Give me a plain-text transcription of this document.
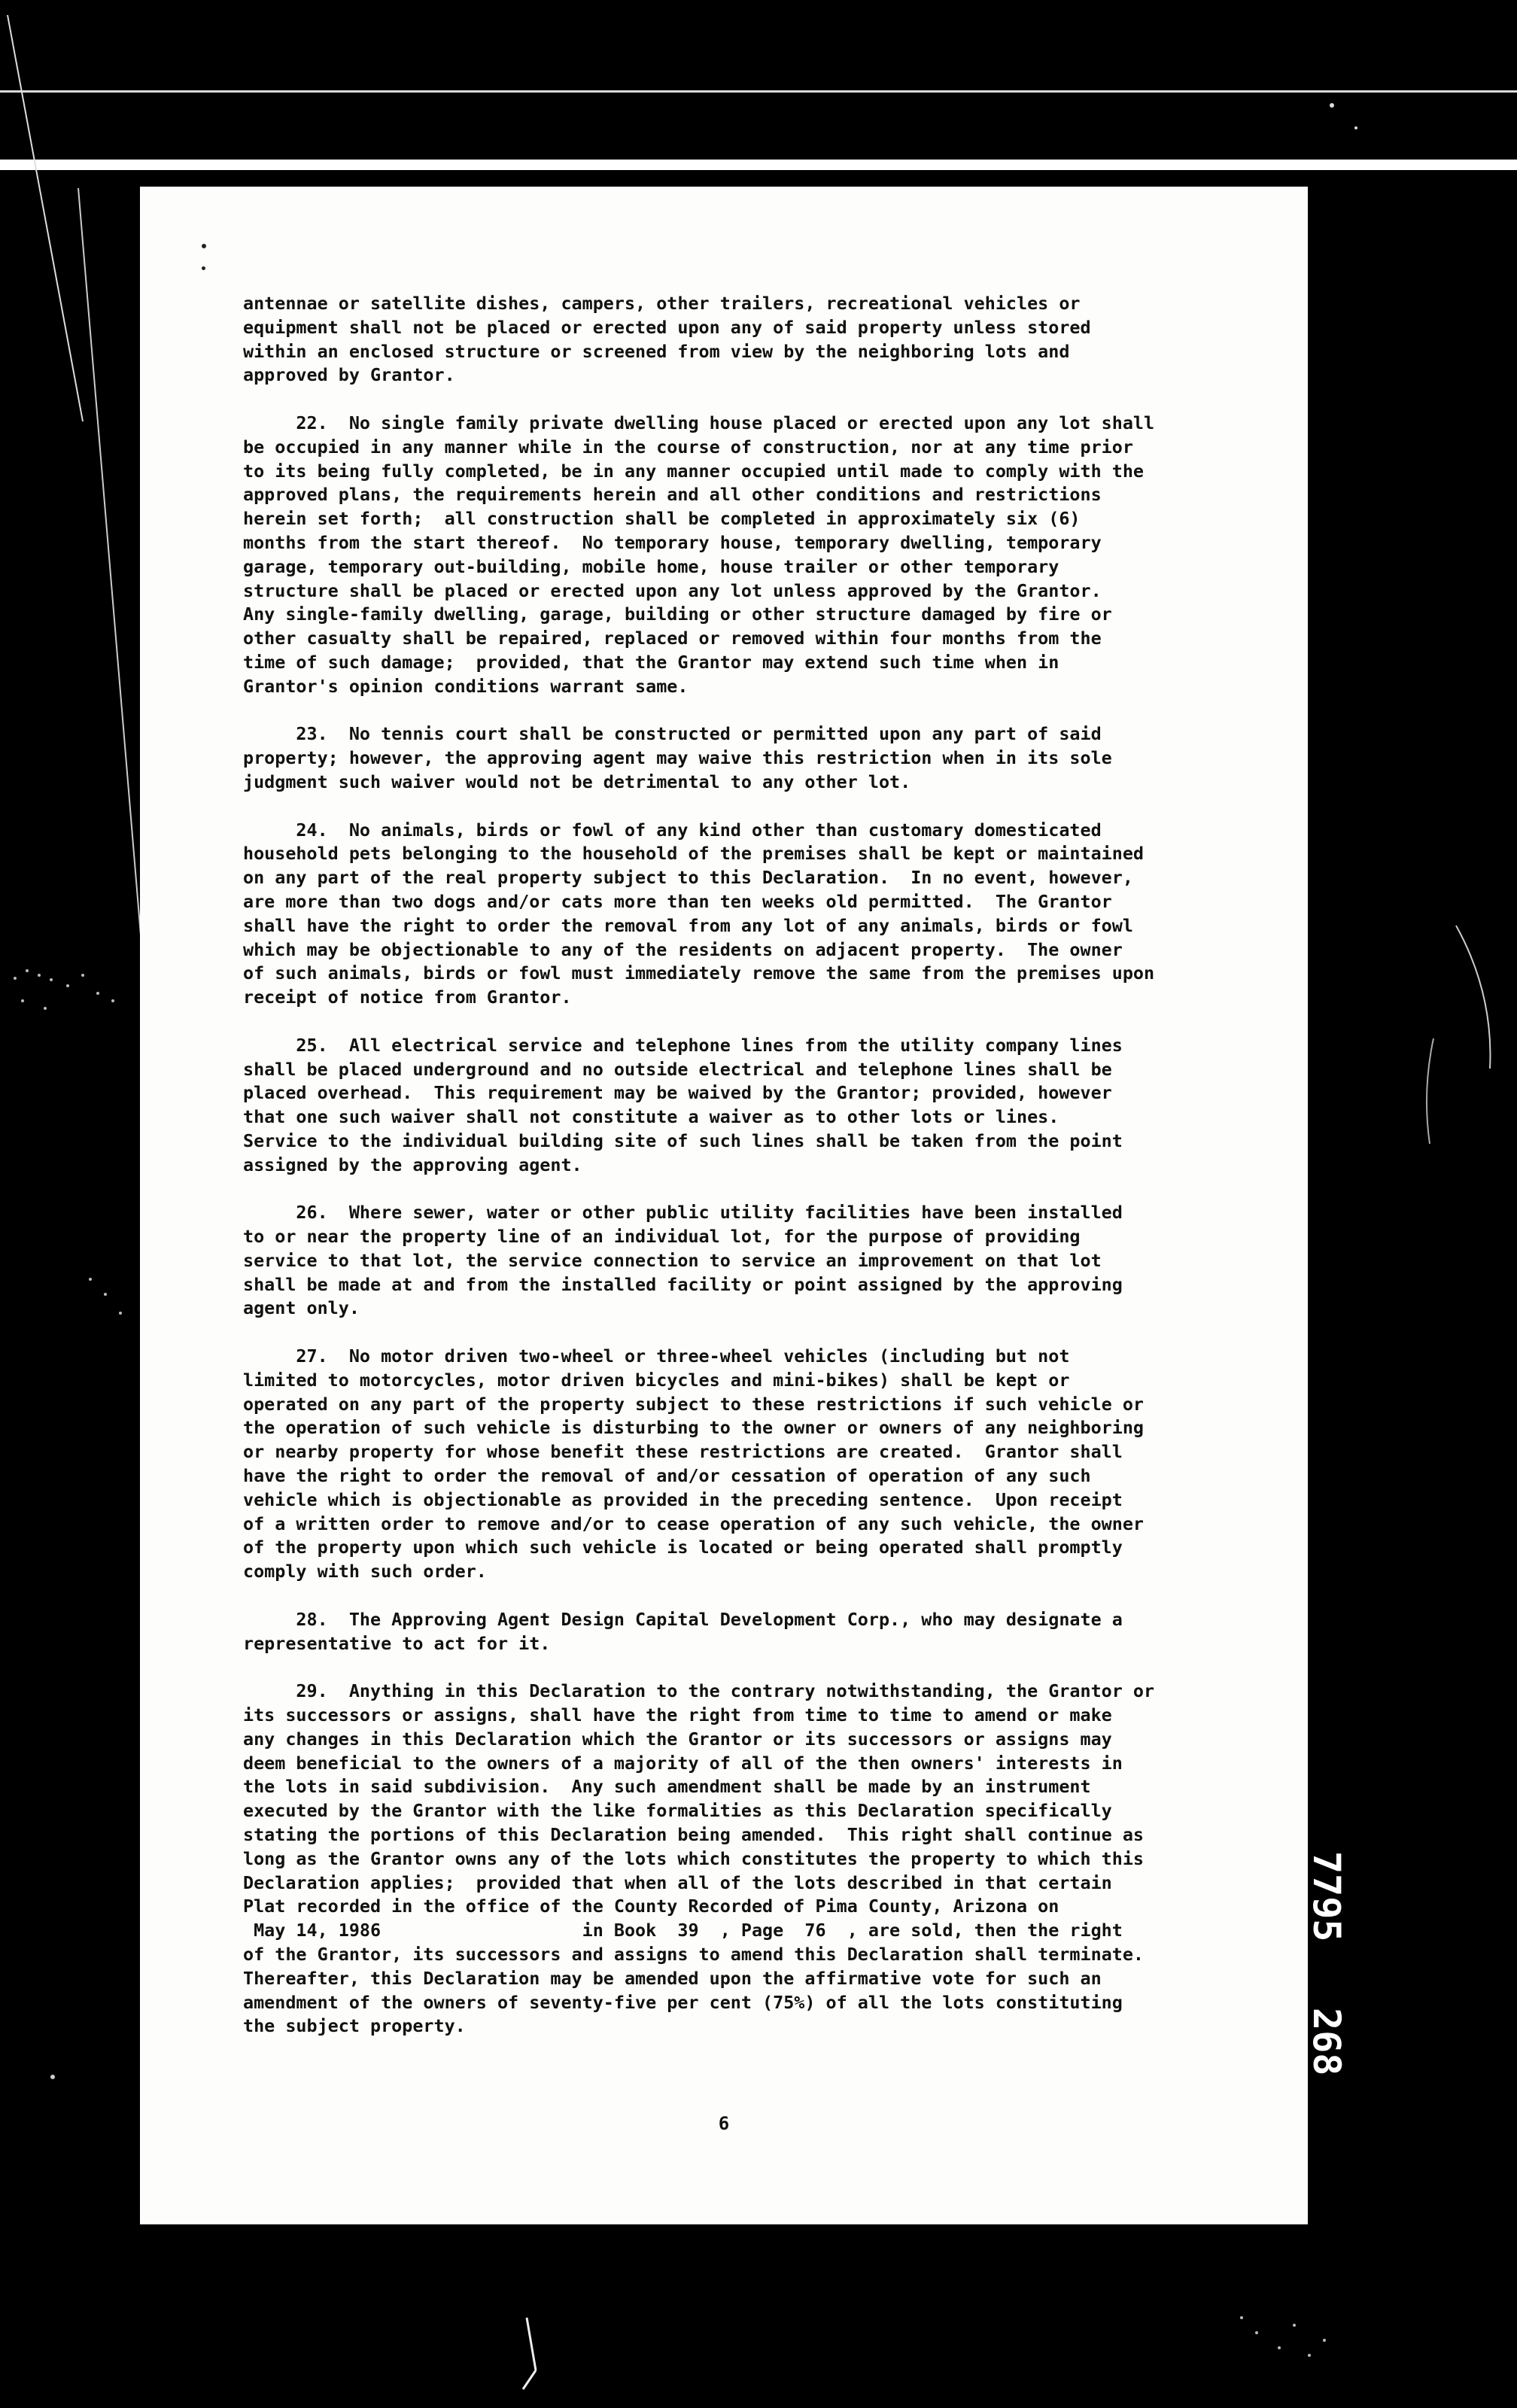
antennae or satellite dishes, campers, other trailers, recreational vehicles or
equipment shall not be placed or erected upon any of said property unless stored
within an enclosed structure or screened from view by the neighboring lots and
approved by Grantor.
22.  No single family private dwelling house placed or erected upon any lot shall
be occupied in any manner while in the course of construction, nor at any time prior
to its being fully completed, be in any manner occupied until made to comply with the
approved plans, the requirements herein and all other conditions and restrictions
herein set forth;  all construction shall be completed in approximately six (6)
months from the start thereof.  No temporary house, temporary dwelling, temporary
garage, temporary out-building, mobile home, house trailer or other temporary
structure shall be placed or erected upon any lot unless approved by the Grantor.
Any single-family dwelling, garage, building or other structure damaged by fire or
other casualty shall be repaired, replaced or removed within four months from the
time of such damage;  provided, that the Grantor may extend such time when in
Grantor's opinion conditions warrant same.
23.  No tennis court shall be constructed or permitted upon any part of said
property; however, the approving agent may waive this restriction when in its sole
judgment such waiver would not be detrimental to any other lot.
24.  No animals, birds or fowl of any kind other than customary domesticated
household pets belonging to the household of the premises shall be kept or maintained
on any part of the real property subject to this Declaration.  In no event, however,
are more than two dogs and/or cats more than ten weeks old permitted.  The Grantor
shall have the right to order the removal from any lot of any animals, birds or fowl
which may be objectionable to any of the residents on adjacent property.  The owner
of such animals, birds or fowl must immediately remove the same from the premises upon
receipt of notice from Grantor.
25.  All electrical service and telephone lines from the utility company lines
shall be placed underground and no outside electrical and telephone lines shall be
placed overhead.  This requirement may be waived by the Grantor; provided, however
that one such waiver shall not constitute a waiver as to other lots or lines.
Service to the individual building site of such lines shall be taken from the point
assigned by the approving agent.
26.  Where sewer, water or other public utility facilities have been installed
to or near the property line of an individual lot, for the purpose of providing
service to that lot, the service connection to service an improvement on that lot
shall be made at and from the installed facility or point assigned by the approving
agent only.
27.  No motor driven two-wheel or three-wheel vehicles (including but not
limited to motorcycles, motor driven bicycles and mini-bikes) shall be kept or
operated on any part of the property subject to these restrictions if such vehicle or
the operation of such vehicle is disturbing to the owner or owners of any neighboring
or nearby property for whose benefit these restrictions are created.  Grantor shall
have the right to order the removal of and/or cessation of operation of any such
vehicle which is objectionable as provided in the preceding sentence.  Upon receipt
of a written order to remove and/or to cease operation of any such vehicle, the owner
of the property upon which such vehicle is located or being operated shall promptly
comply with such order.
28.  The Approving Agent Design Capital Development Corp., who may designate a
representative to act for it.
29.  Anything in this Declaration to the contrary notwithstanding, the Grantor or
its successors or assigns, shall have the right from time to time to amend or make
any changes in this Declaration which the Grantor or its successors or assigns may
deem beneficial to the owners of a majority of all of the then owners' interests in
the lots in said subdivision.  Any such amendment shall be made by an instrument
executed by the Grantor with the like formalities as this Declaration specifically
stating the portions of this Declaration being amended.  This right shall continue as
long as the Grantor owns any of the lots which constitutes the property to which this
Declaration applies;  provided that when all of the lots described in that certain
Plat recorded in the office of the County Recorded of Pima County, Arizona on
May 14, 1986                   in Book  39  , Page  76  , are sold, then the right
of the Grantor, its successors and assigns to amend this Declaration shall terminate.
Thereafter, this Declaration may be amended upon the affirmative vote for such an
amendment of the owners of seventy-five per cent (75%) of all the lots constituting
the subject property.
6
7795
268
